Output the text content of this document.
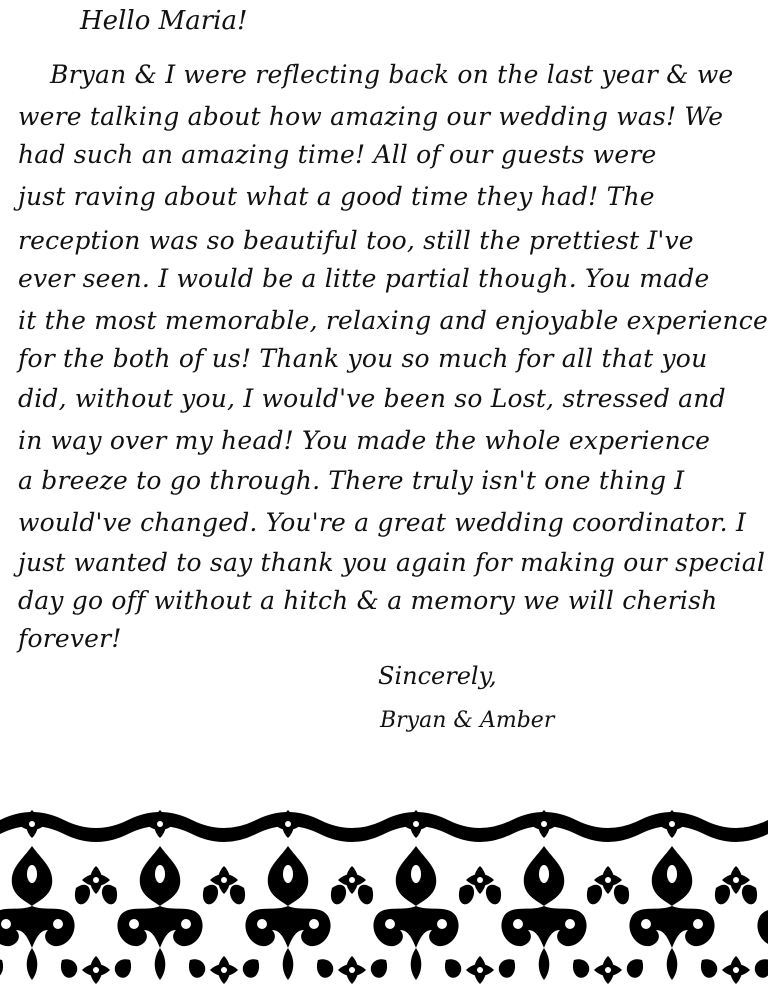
Hello Maria!
Bryan & I were reflecting back on the last year & we
were talking about how amazing our wedding was! We
had such an amazing time! All of our guests were
just raving about what a good time they had! The
reception was so beautiful too, still the prettiest I've
ever seen. I would be a litte partial though. You made
it the most memorable, relaxing and enjoyable experience
for the both of us! Thank you so much for all that you
did, without you, I would've been so Lost, stressed and
in way over my head! You made the whole experience
a breeze to go through. There truly isn't one thing I
would've changed. You're a great wedding coordinator. I
just wanted to say thank you again for making our special
day go off without a hitch & a memory we will cherish
forever!
Sincerely,
Bryan & Amber
